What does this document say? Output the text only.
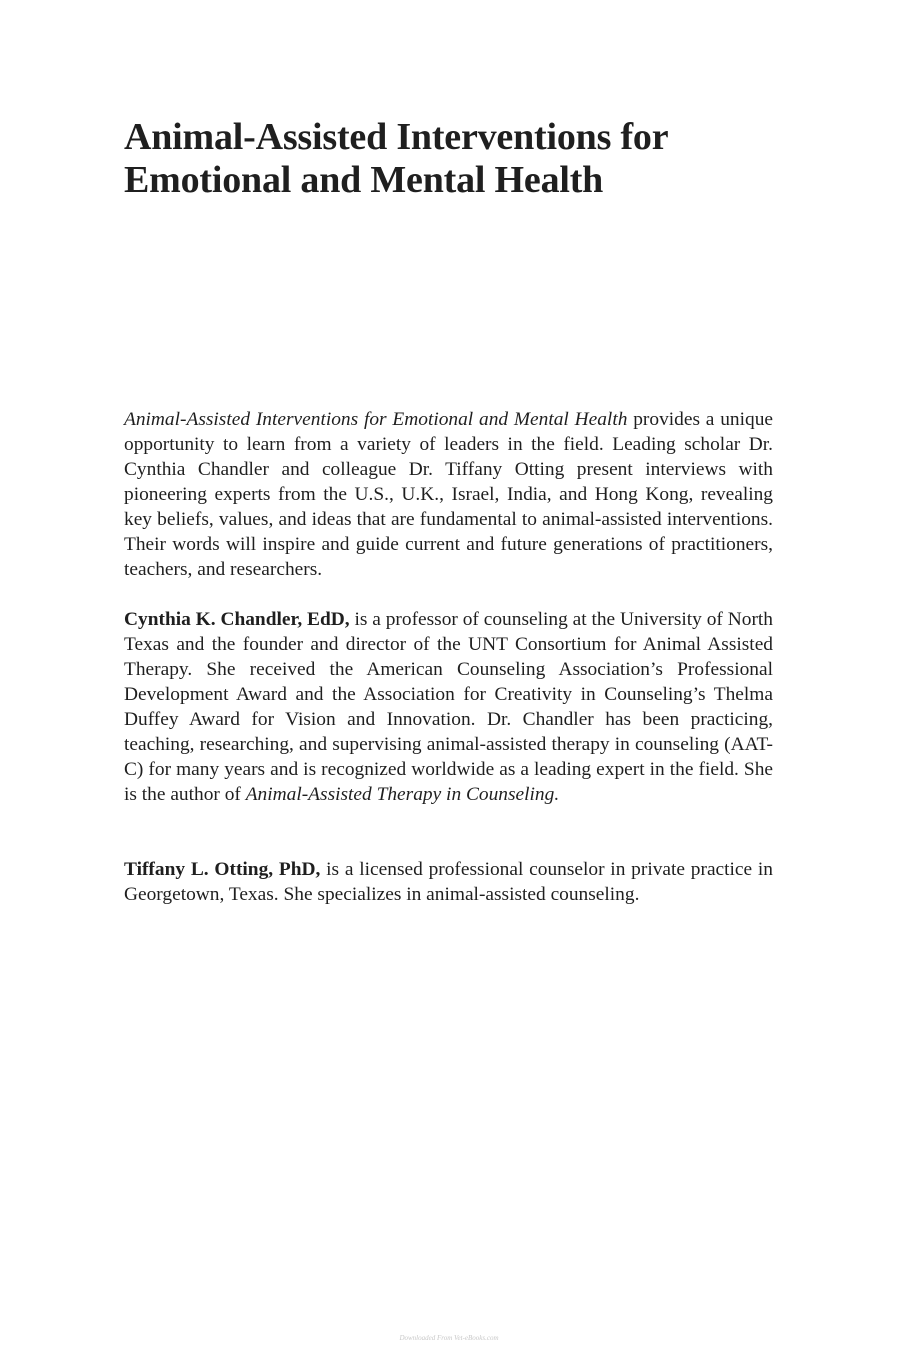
Animal-Assisted Interventions for
Emotional and Mental Health

Animal-Assisted Interventions for Emotional and Mental Health provides a unique opportunity to learn from a variety of leaders in the field. Leading scholar Dr. Cynthia Chandler and colleague Dr. Tiffany Otting present interviews with pioneering experts from the U.S., U.K., Israel, India, and Hong Kong, revealing key beliefs, values, and ideas that are fundamental to animal-assisted interventions. Their words will inspire and guide current and future generations of practitioners, teachers, and researchers.

Cynthia K. Chandler, EdD, is a professor of counseling at the University of North Texas and the founder and director of the UNT Consortium for Animal Assisted Therapy. She received the American Counseling Association’s Professional Development Award and the Association for Creativity in Counseling’s Thelma Duffey Award for Vision and Innovation. Dr. Chandler has been practicing, teaching, researching, and supervising animal-assisted therapy in counseling (AAT-C) for many years and is recognized worldwide as a leading expert in the field. She is the author of Animal-Assisted Therapy in Counseling.

Tiffany L. Otting, PhD, is a licensed professional counselor in private practice in Georgetown, Texas. She specializes in animal-assisted counseling.

Downloaded From Vet-eBooks.com
